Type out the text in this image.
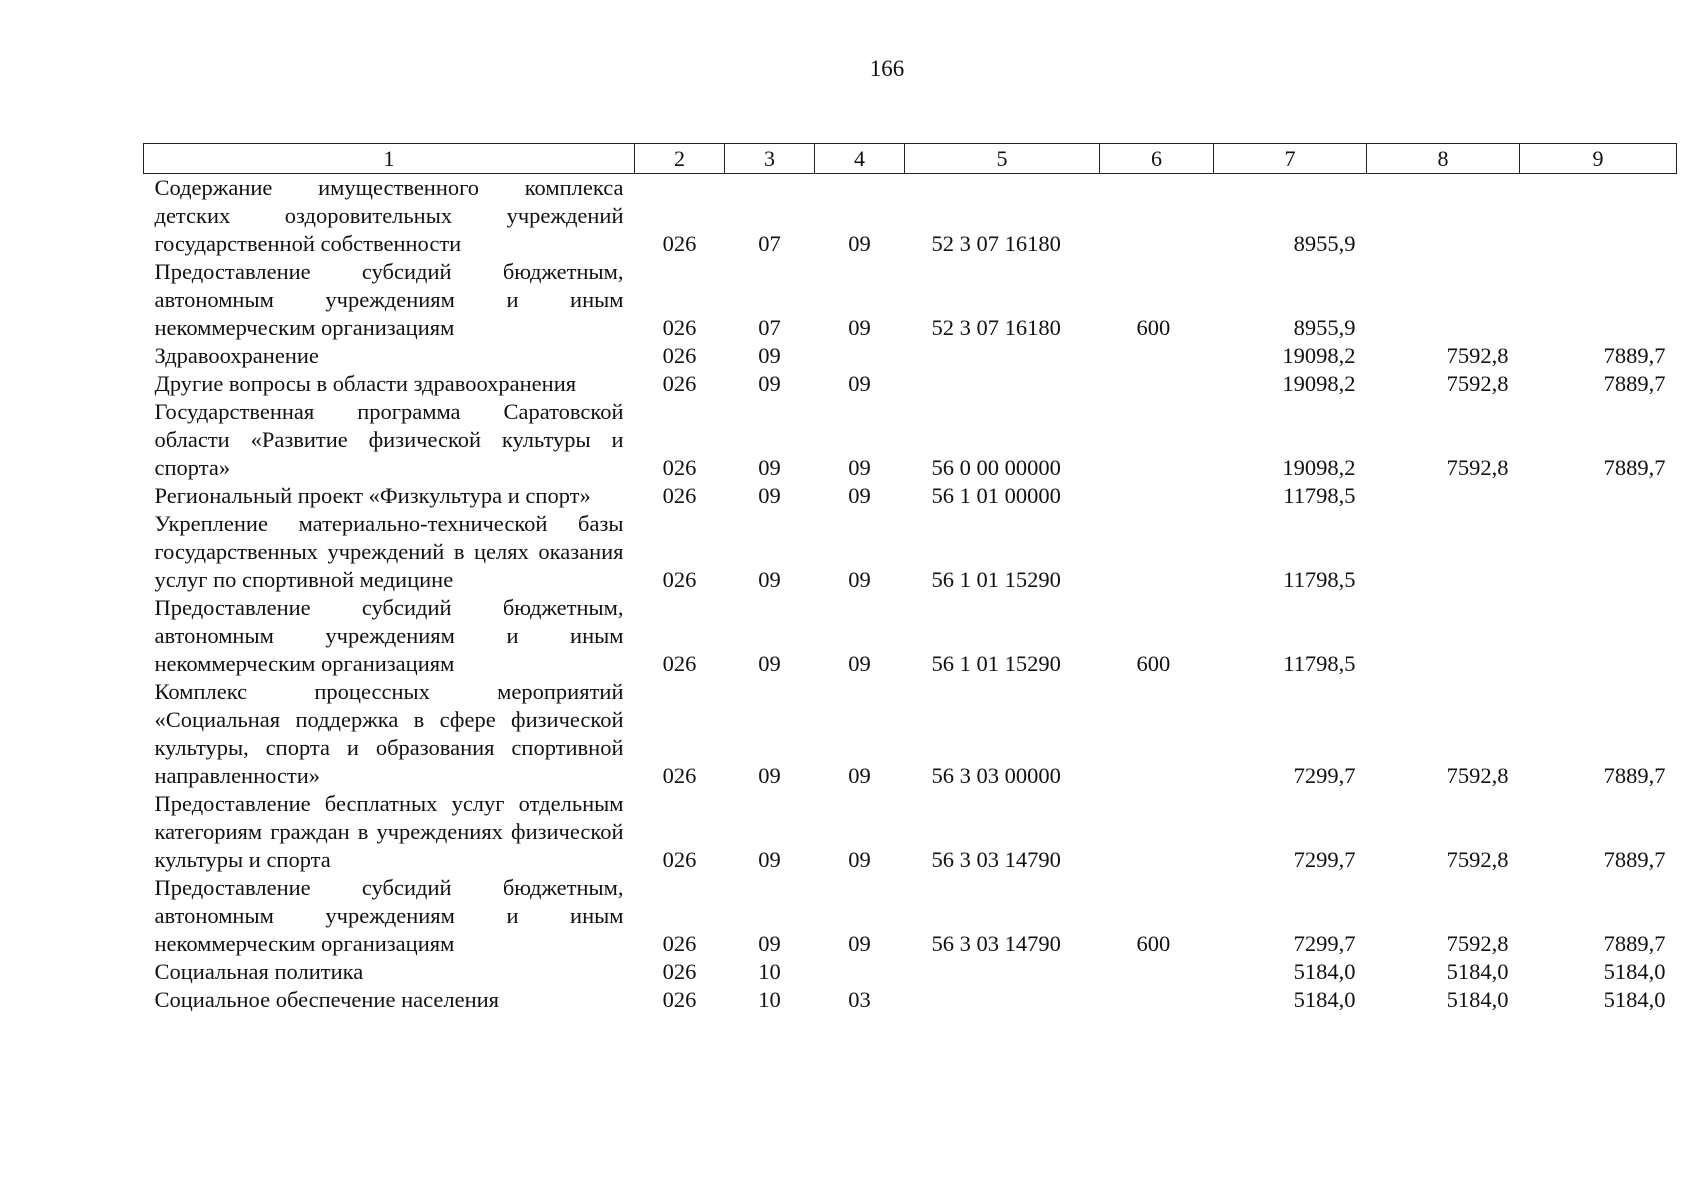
166
1	2	3	4	5	6	7	8	9
Содержание имущественного комплекса детских оздоровительных учреждений государственной собственности	026	07	09	52 3 07 16180		8955,9		
Предоставление субсидий бюджетным, автономным учреждениям и иным некоммерческим организациям	026	07	09	52 3 07 16180	600	8955,9		
Здравоохранение	026	09				19098,2	7592,8	7889,7
Другие вопросы в области здравоохранения	026	09	09			19098,2	7592,8	7889,7
Государственная программа Саратовской области «Развитие физической культуры и спорта»	026	09	09	56 0 00 00000		19098,2	7592,8	7889,7
Региональный проект «Физкультура и спорт»	026	09	09	56 1 01 00000		11798,5		
Укрепление материально-технической базы государственных учреждений в целях оказания услуг по спортивной медицине	026	09	09	56 1 01 15290		11798,5		
Предоставление субсидий бюджетным, автономным учреждениям и иным некоммерческим организациям	026	09	09	56 1 01 15290	600	11798,5		
Комплекс процессных мероприятий «Социальная поддержка в сфере физической культуры, спорта и образования спортивной направленности»	026	09	09	56 3 03 00000		7299,7	7592,8	7889,7
Предоставление бесплатных услуг отдельным категориям граждан в учреждениях физической культуры и спорта	026	09	09	56 3 03 14790		7299,7	7592,8	7889,7
Предоставление субсидий бюджетным, автономным учреждениям и иным некоммерческим организациям	026	09	09	56 3 03 14790	600	7299,7	7592,8	7889,7
Социальная политика	026	10				5184,0	5184,0	5184,0
Социальное обеспечение населения	026	10	03			5184,0	5184,0	5184,0
